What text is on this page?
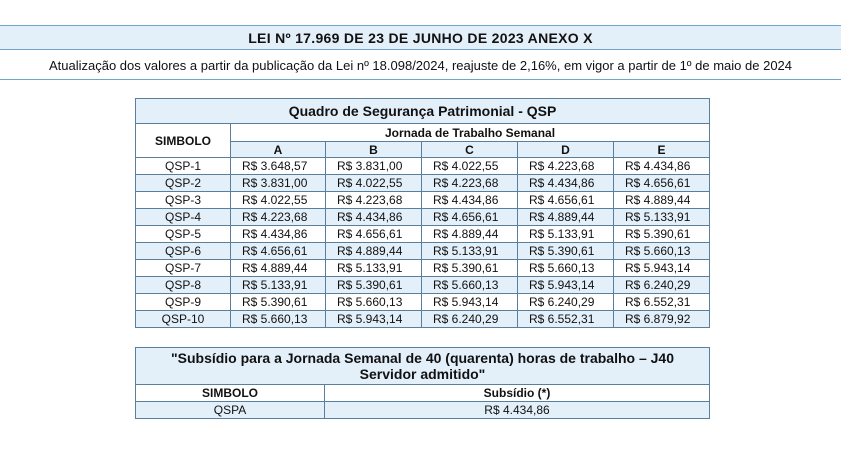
LEI Nº 17.969 DE 23 DE JUNHO DE 2023 ANEXO X
Atualização dos valores a partir da publicação da Lei nº 18.098/2024, reajuste de 2,16%, em vigor a partir de 1º de maio de 2024
Quadro de Segurança Patrimonial - QSP					
SIMBOLO	Jornada de Trabalho Semanal				
	A	B	C	D	E
QSP-1	R$ 3.648,57	R$ 3.831,00	R$ 4.022,55	R$ 4.223,68	R$ 4.434,86
QSP-2	R$ 3.831,00	R$ 4.022,55	R$ 4.223,68	R$ 4.434,86	R$ 4.656,61
QSP-3	R$ 4.022,55	R$ 4.223,68	R$ 4.434,86	R$ 4.656,61	R$ 4.889,44
QSP-4	R$ 4.223,68	R$ 4.434,86	R$ 4.656,61	R$ 4.889,44	R$ 5.133,91
QSP-5	R$ 4.434,86	R$ 4.656,61	R$ 4.889,44	R$ 5.133,91	R$ 5.390,61
QSP-6	R$ 4.656,61	R$ 4.889,44	R$ 5.133,91	R$ 5.390,61	R$ 5.660,13
QSP-7	R$ 4.889,44	R$ 5.133,91	R$ 5.390,61	R$ 5.660,13	R$ 5.943,14
QSP-8	R$ 5.133,91	R$ 5.390,61	R$ 5.660,13	R$ 5.943,14	R$ 6.240,29
QSP-9	R$ 5.390,61	R$ 5.660,13	R$ 5.943,14	R$ 6.240,29	R$ 6.552,31
QSP-10	R$ 5.660,13	R$ 5.943,14	R$ 6.240,29	R$ 6.552,31	R$ 6.879,92
"Subsídio para a Jornada Semanal de 40 (quarenta) horas de trabalho – J40
Servidor admitido"	
SIMBOLO	Subsídio (*)
QSPA	R$ 4.434,86
